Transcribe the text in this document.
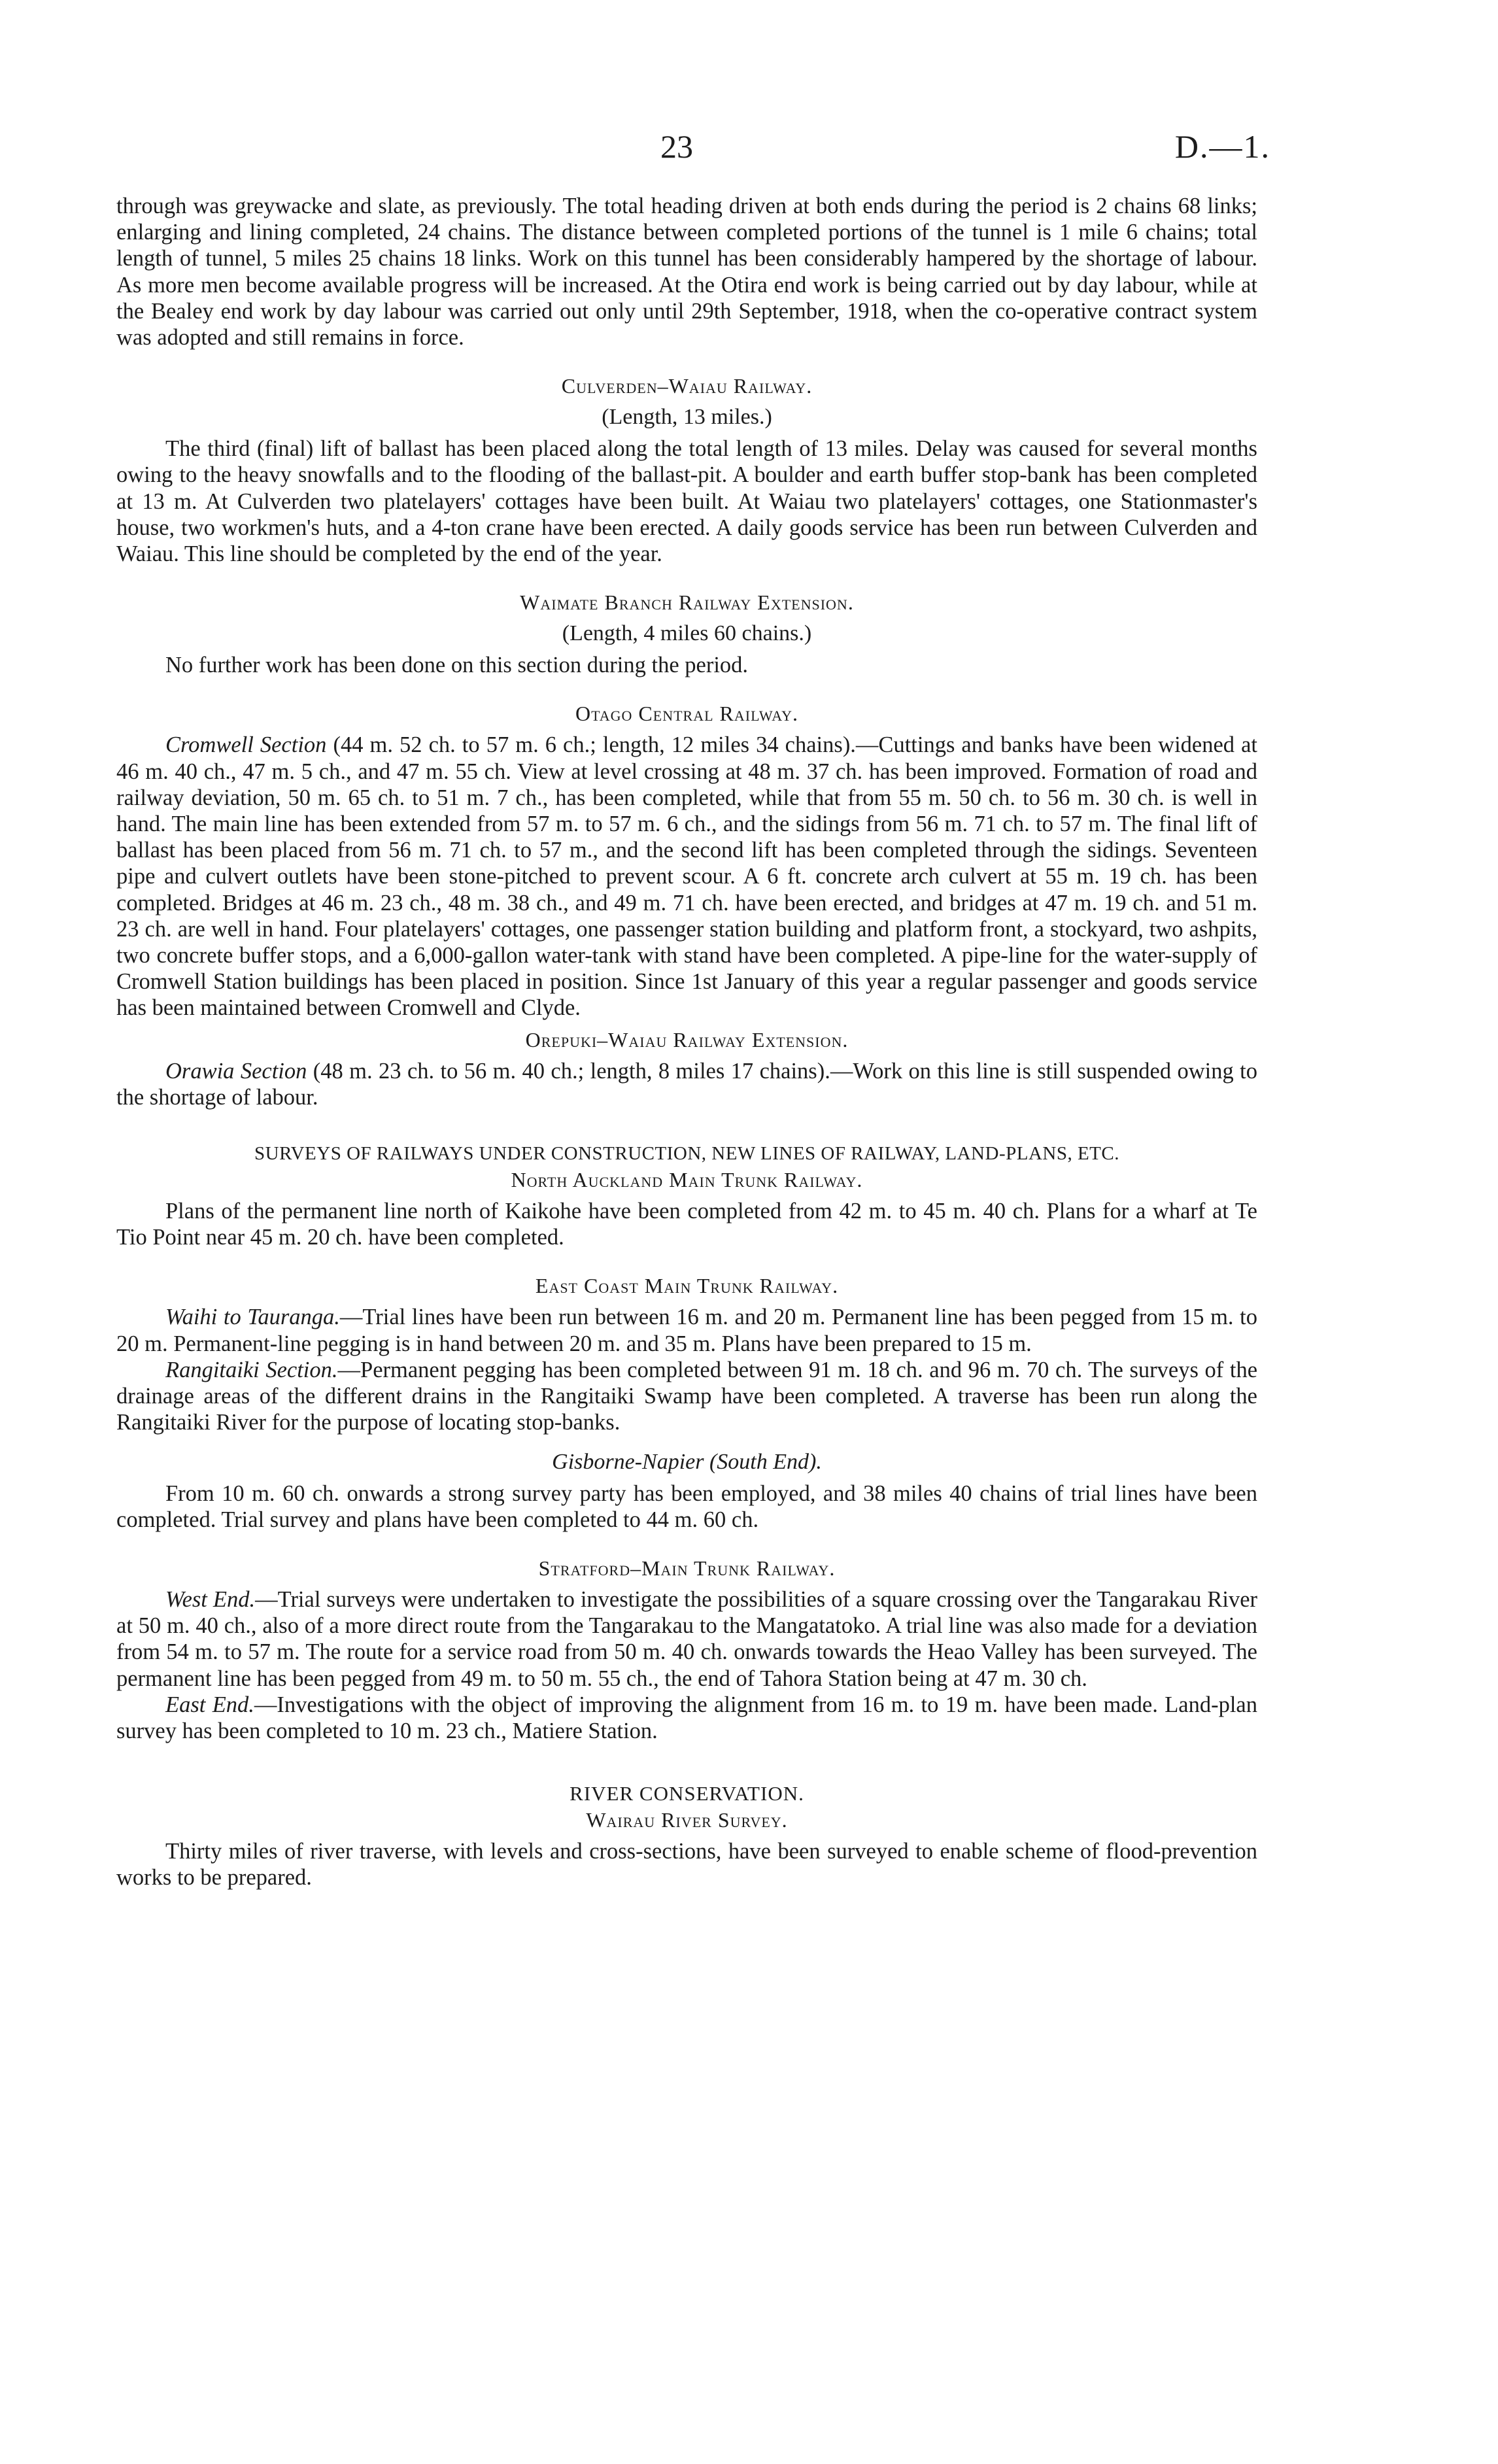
23	D.—1.

through was greywacke and slate, as previously. The total heading driven at both ends during the period is 2 chains 68 links; enlarging and lining completed, 24 chains. The distance between completed portions of the tunnel is 1 mile 6 chains; total length of tunnel, 5 miles 25 chains 18 links. Work on this tunnel has been considerably hampered by the shortage of labour. As more men become available progress will be increased. At the Otira end work is being carried out by day labour, while at the Bealey end work by day labour was carried out only until 29th September, 1918, when the co-operative contract system was adopted and still remains in force.

Culverden–Waiau Railway.
(Length, 13 miles.)

The third (final) lift of ballast has been placed along the total length of 13 miles. Delay was caused for several months owing to the heavy snowfalls and to the flooding of the ballast-pit. A boulder and earth buffer stop-bank has been completed at 13 m. At Culverden two platelayers' cottages have been built. At Waiau two platelayers' cottages, one Stationmaster's house, two workmen's huts, and a 4-ton crane have been erected. A daily goods service has been run between Culverden and Waiau. This line should be completed by the end of the year.

Waimate Branch Railway Extension.
(Length, 4 miles 60 chains.)

No further work has been done on this section during the period.

Otago Central Railway.

Cromwell Section (44 m. 52 ch. to 57 m. 6 ch.; length, 12 miles 34 chains).—Cuttings and banks have been widened at 46 m. 40 ch., 47 m. 5 ch., and 47 m. 55 ch. View at level crossing at 48 m. 37 ch. has been improved. Formation of road and railway deviation, 50 m. 65 ch. to 51 m. 7 ch., has been completed, while that from 55 m. 50 ch. to 56 m. 30 ch. is well in hand. The main line has been extended from 57 m. to 57 m. 6 ch., and the sidings from 56 m. 71 ch. to 57 m. The final lift of ballast has been placed from 56 m. 71 ch. to 57 m., and the second lift has been completed through the sidings. Seventeen pipe and culvert outlets have been stone-pitched to prevent scour. A 6 ft. concrete arch culvert at 55 m. 19 ch. has been completed. Bridges at 46 m. 23 ch., 48 m. 38 ch., and 49 m. 71 ch. have been erected, and bridges at 47 m. 19 ch. and 51 m. 23 ch. are well in hand. Four platelayers' cottages, one passenger station building and platform front, a stockyard, two ashpits, two concrete buffer stops, and a 6,000-gallon water-tank with stand have been completed. A pipe-line for the water-supply of Cromwell Station buildings has been placed in position. Since 1st January of this year a regular passenger and goods service has been maintained between Cromwell and Clyde.

Orepuki–Waiau Railway Extension.

Orawia Section (48 m. 23 ch. to 56 m. 40 ch.; length, 8 miles 17 chains).—Work on this line is still suspended owing to the shortage of labour.

SURVEYS OF RAILWAYS UNDER CONSTRUCTION, NEW LINES OF RAILWAY, LAND-PLANS, ETC.
North Auckland Main Trunk Railway.

Plans of the permanent line north of Kaikohe have been completed from 42 m. to 45 m. 40 ch. Plans for a wharf at Te Tio Point near 45 m. 20 ch. have been completed.

East Coast Main Trunk Railway.

Waihi to Tauranga.—Trial lines have been run between 16 m. and 20 m. Permanent line has been pegged from 15 m. to 20 m. Permanent-line pegging is in hand between 20 m. and 35 m. Plans have been prepared to 15 m.

Rangitaiki Section.—Permanent pegging has been completed between 91 m. 18 ch. and 96 m. 70 ch. The surveys of the drainage areas of the different drains in the Rangitaiki Swamp have been completed. A traverse has been run along the Rangitaiki River for the purpose of locating stop-banks.

Gisborne-Napier (South End).

From 10 m. 60 ch. onwards a strong survey party has been employed, and 38 miles 40 chains of trial lines have been completed. Trial survey and plans have been completed to 44 m. 60 ch.

Stratford–Main Trunk Railway.

West End.—Trial surveys were undertaken to investigate the possibilities of a square crossing over the Tangarakau River at 50 m. 40 ch., also of a more direct route from the Tangarakau to the Mangatatoko. A trial line was also made for a deviation from 54 m. to 57 m. The route for a service road from 50 m. 40 ch. onwards towards the Heao Valley has been surveyed. The permanent line has been pegged from 49 m. to 50 m. 55 ch., the end of Tahora Station being at 47 m. 30 ch.

East End.—Investigations with the object of improving the alignment from 16 m. to 19 m. have been made. Land-plan survey has been completed to 10 m. 23 ch., Matiere Station.

RIVER CONSERVATION.
Wairau River Survey.

Thirty miles of river traverse, with levels and cross-sections, have been surveyed to enable scheme of flood-prevention works to be prepared.
